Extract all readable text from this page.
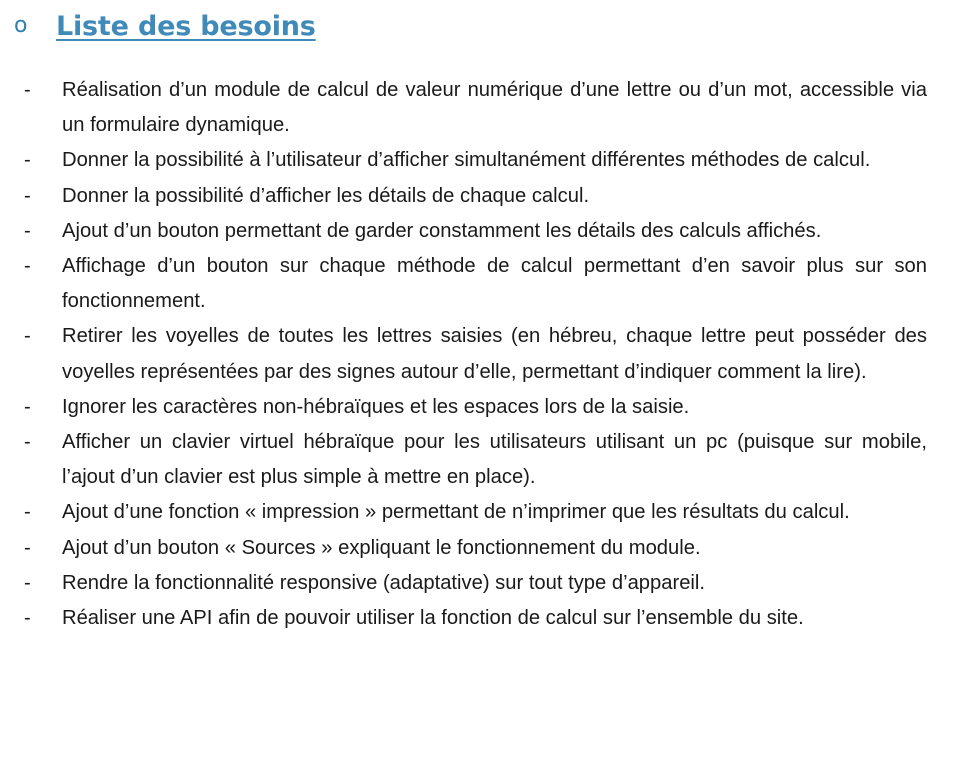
o	Liste des besoins
- Réalisation d’un module de calcul de valeur numérique d’une lettre ou d’un mot, accessible via un formulaire dynamique.
- Donner la possibilité à l’utilisateur d’afficher simultanément différentes méthodes de calcul.
- Donner la possibilité d’afficher les détails de chaque calcul.
- Ajout d’un bouton permettant de garder constamment les détails des calculs affichés.
- Affichage d’un bouton sur chaque méthode de calcul permettant d’en savoir plus sur son fonctionnement.
- Retirer les voyelles de toutes les lettres saisies (en hébreu, chaque lettre peut posséder des voyelles représentées par des signes autour d’elle, permettant d’indiquer comment la lire).
- Ignorer les caractères non-hébraïques et les espaces lors de la saisie.
- Afficher un clavier virtuel hébraïque pour les utilisateurs utilisant un pc (puisque sur mobile, l’ajout d’un clavier est plus simple à mettre en place).
- Ajout d’une fonction « impression » permettant de n’imprimer que les résultats du calcul.
- Ajout d’un bouton « Sources » expliquant le fonctionnement du module.
- Rendre la fonctionnalité responsive (adaptative) sur tout type d’appareil.
- Réaliser une API afin de pouvoir utiliser la fonction de calcul sur l’ensemble du site.
